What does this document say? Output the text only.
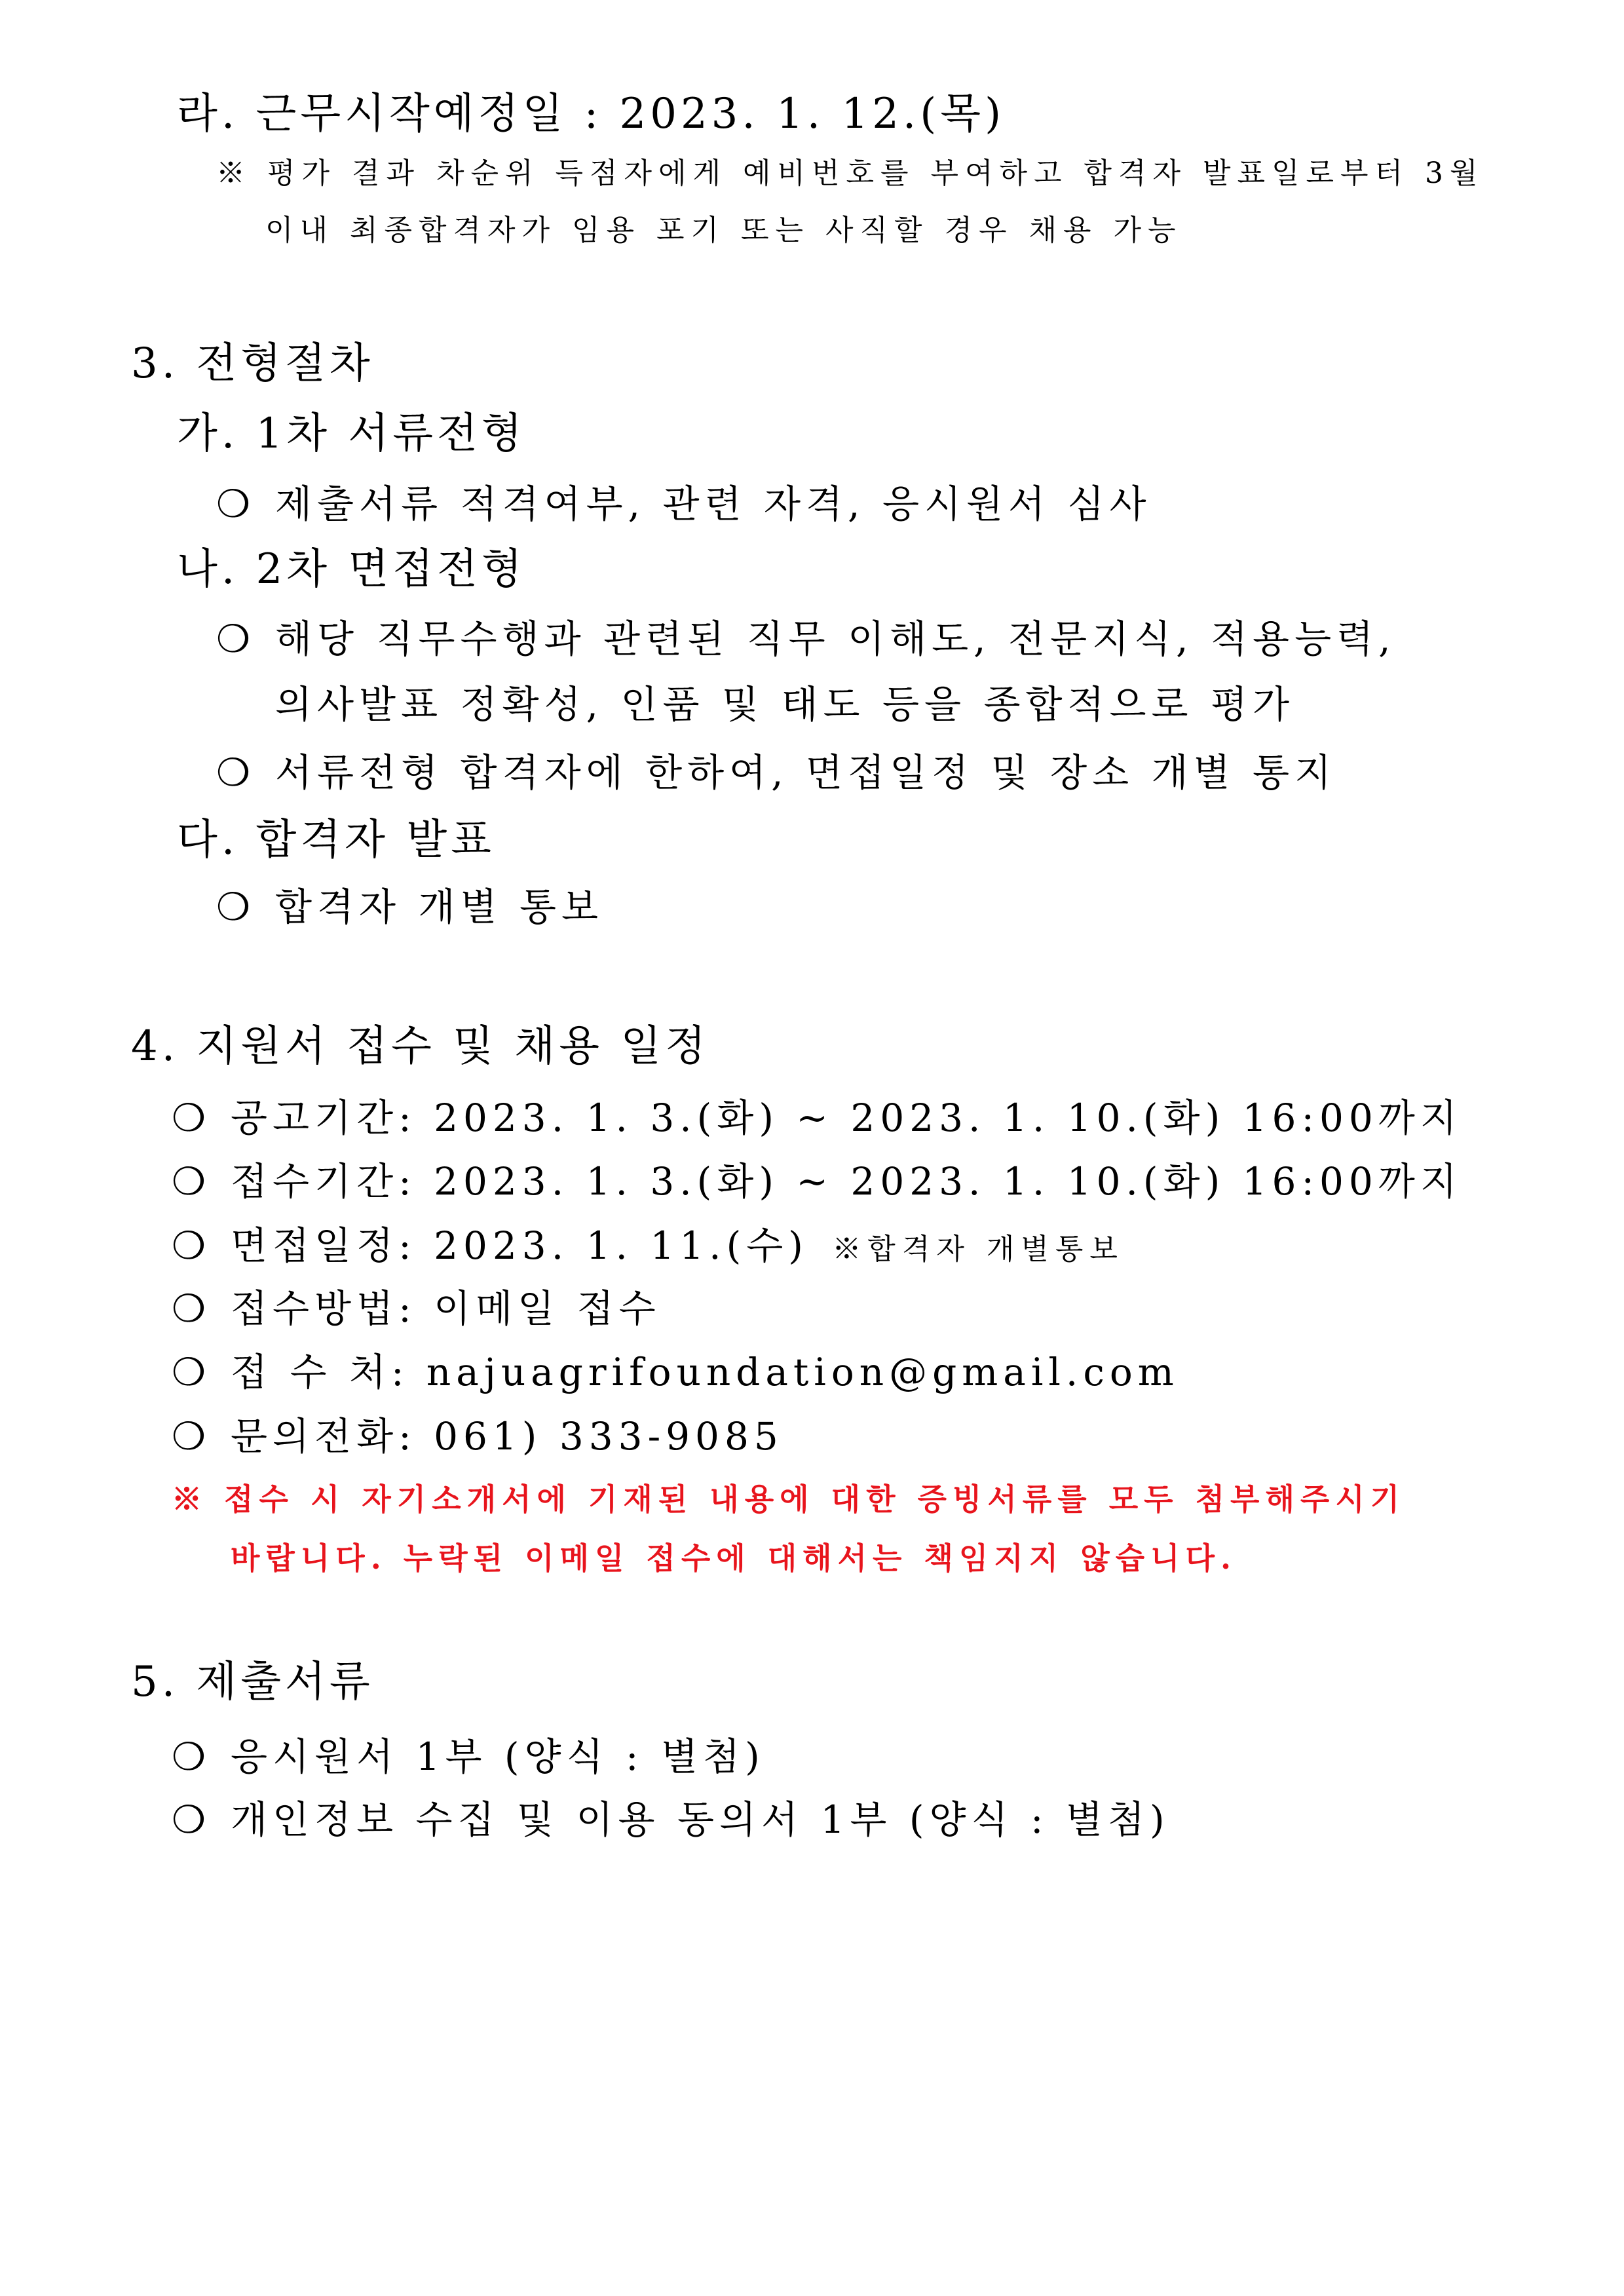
라. 근무시작예정일 : 2023. 1. 12.(목)
※ 평가 결과 차순위 득점자에게 예비번호를 부여하고 합격자 발표일로부터 3월
이내 최종합격자가 임용 포기 또는 사직할 경우 채용 가능
3. 전형절차
가. 1차 서류전형
❍ 제출서류 적격여부, 관련 자격, 응시원서 심사
나. 2차 면접전형
❍ 해당 직무수행과 관련된 직무 이해도, 전문지식, 적용능력,
의사발표 정확성, 인품 및 태도 등을 종합적으로 평가
❍ 서류전형 합격자에 한하여, 면접일정 및 장소 개별 통지
다. 합격자 발표
❍ 합격자 개별 통보
4. 지원서 접수 및 채용 일정
❍ 공고기간: 2023. 1. 3.(화) ~ 2023. 1. 10.(화) 16:00까지
❍ 접수기간: 2023. 1. 3.(화) ~ 2023. 1. 10.(화) 16:00까지
❍ 면접일정: 2023. 1. 11.(수) ※합격자 개별통보
❍ 접수방법: 이메일 접수
❍ 접 수 처: najuagrifoundation@gmail.com
❍ 문의전화: 061) 333-9085
※ 접수 시 자기소개서에 기재된 내용에 대한 증빙서류를 모두 첨부해주시기
바랍니다. 누락된 이메일 접수에 대해서는 책임지지 않습니다.
5. 제출서류
❍ 응시원서 1부 (양식 : 별첨)
❍ 개인정보 수집 및 이용 동의서 1부 (양식 : 별첨)
